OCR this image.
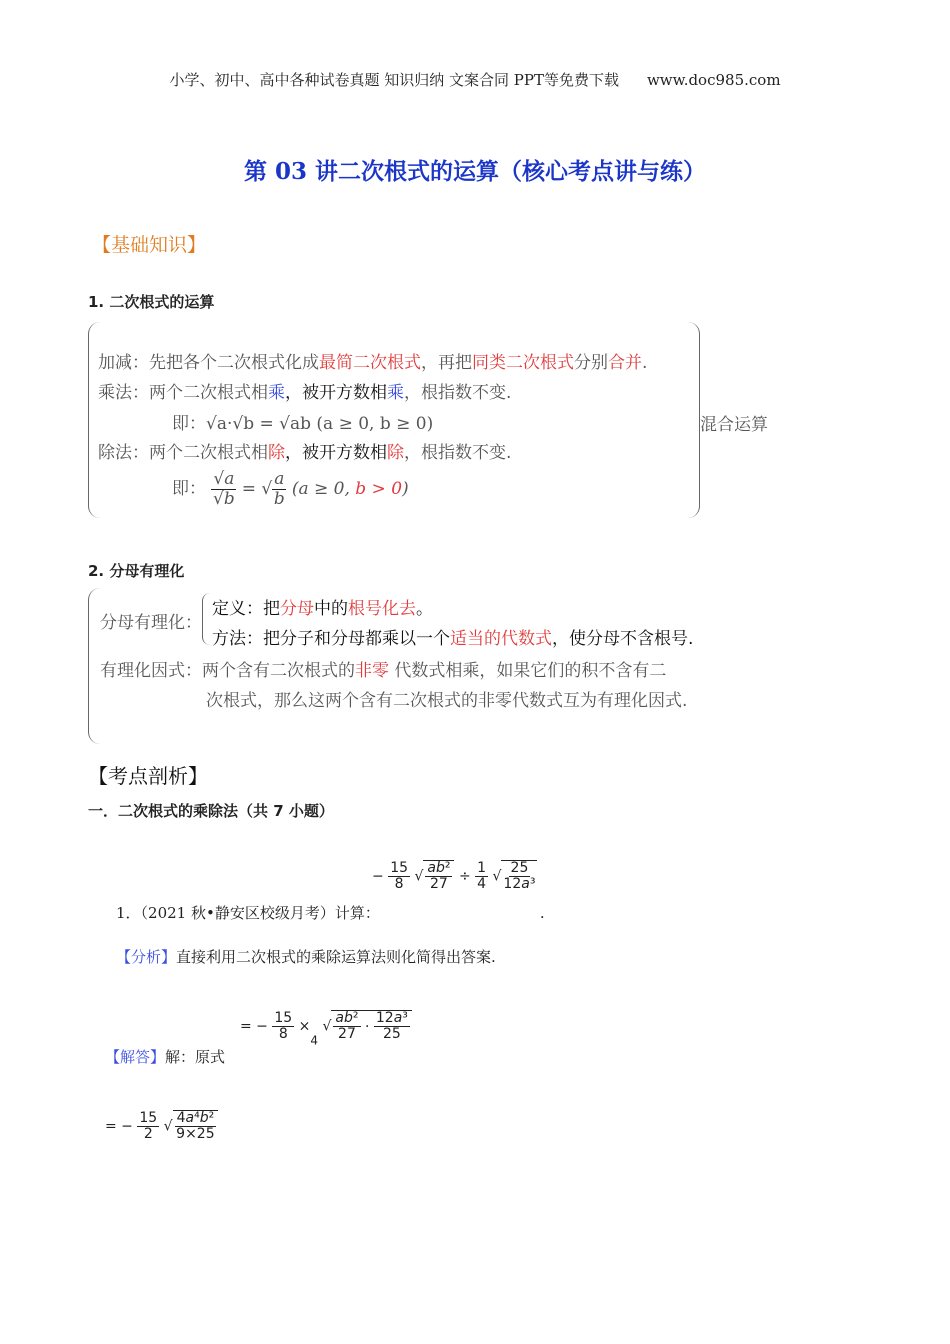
小学、初中、高中各种试卷真题 知识归纳 文案合同 PPT等免费下载 www.doc985.com
第 03 讲二次根式的运算（核心考点讲与练）
【基础知识】
1. 二次根式的运算
加减：先把各个二次根式化成最简二次根式，再把同类二次根式分别合并.
乘法：两个二次根式相乘，被开方数相乘，根指数不变.
即：√a·√b = √ab (a ≥ 0, b ≥ 0)
除法：两个二次根式相除，被开方数相除，根指数不变.
即： $\frac{√a}{√b}$ = √ $\frac{a}{b} (a \ge 0$, b > 0)
混合运算
2. 分母有理化
分母有理化：
定义：把分母中的根号化去。
方法：把分子和分母都乘以一个适当的代数式，使分母不含根号.
有理化因式：两个含有二次根式的非零 代数式相乘，如果它们的积不含有二
次根式，那么这两个含有二次根式的非零代数式互为有理化因式.
【考点剖析】
一．二次根式的乘除法（共 7 小题）
− $\frac{15}{8}$ √ $\frac{\text{ab²}}{27} \div \frac{1}{4}$ √ $\frac{25}{\text{12a³}}$
1．（2021 秋•静安区校级月考）计算：	.
【分析】直接利用二次根式的乘除运算法则化简得出答案.
= − $\frac{15}{8} \times 4$ √ $\frac{\text{ab²}}{27} \cdot \frac{\text{12a³}}{25}$
【解答】解：原式
= − $\frac{15}{2}$ √ $\frac{\text{4a⁴b²}}{9\times 25}$
